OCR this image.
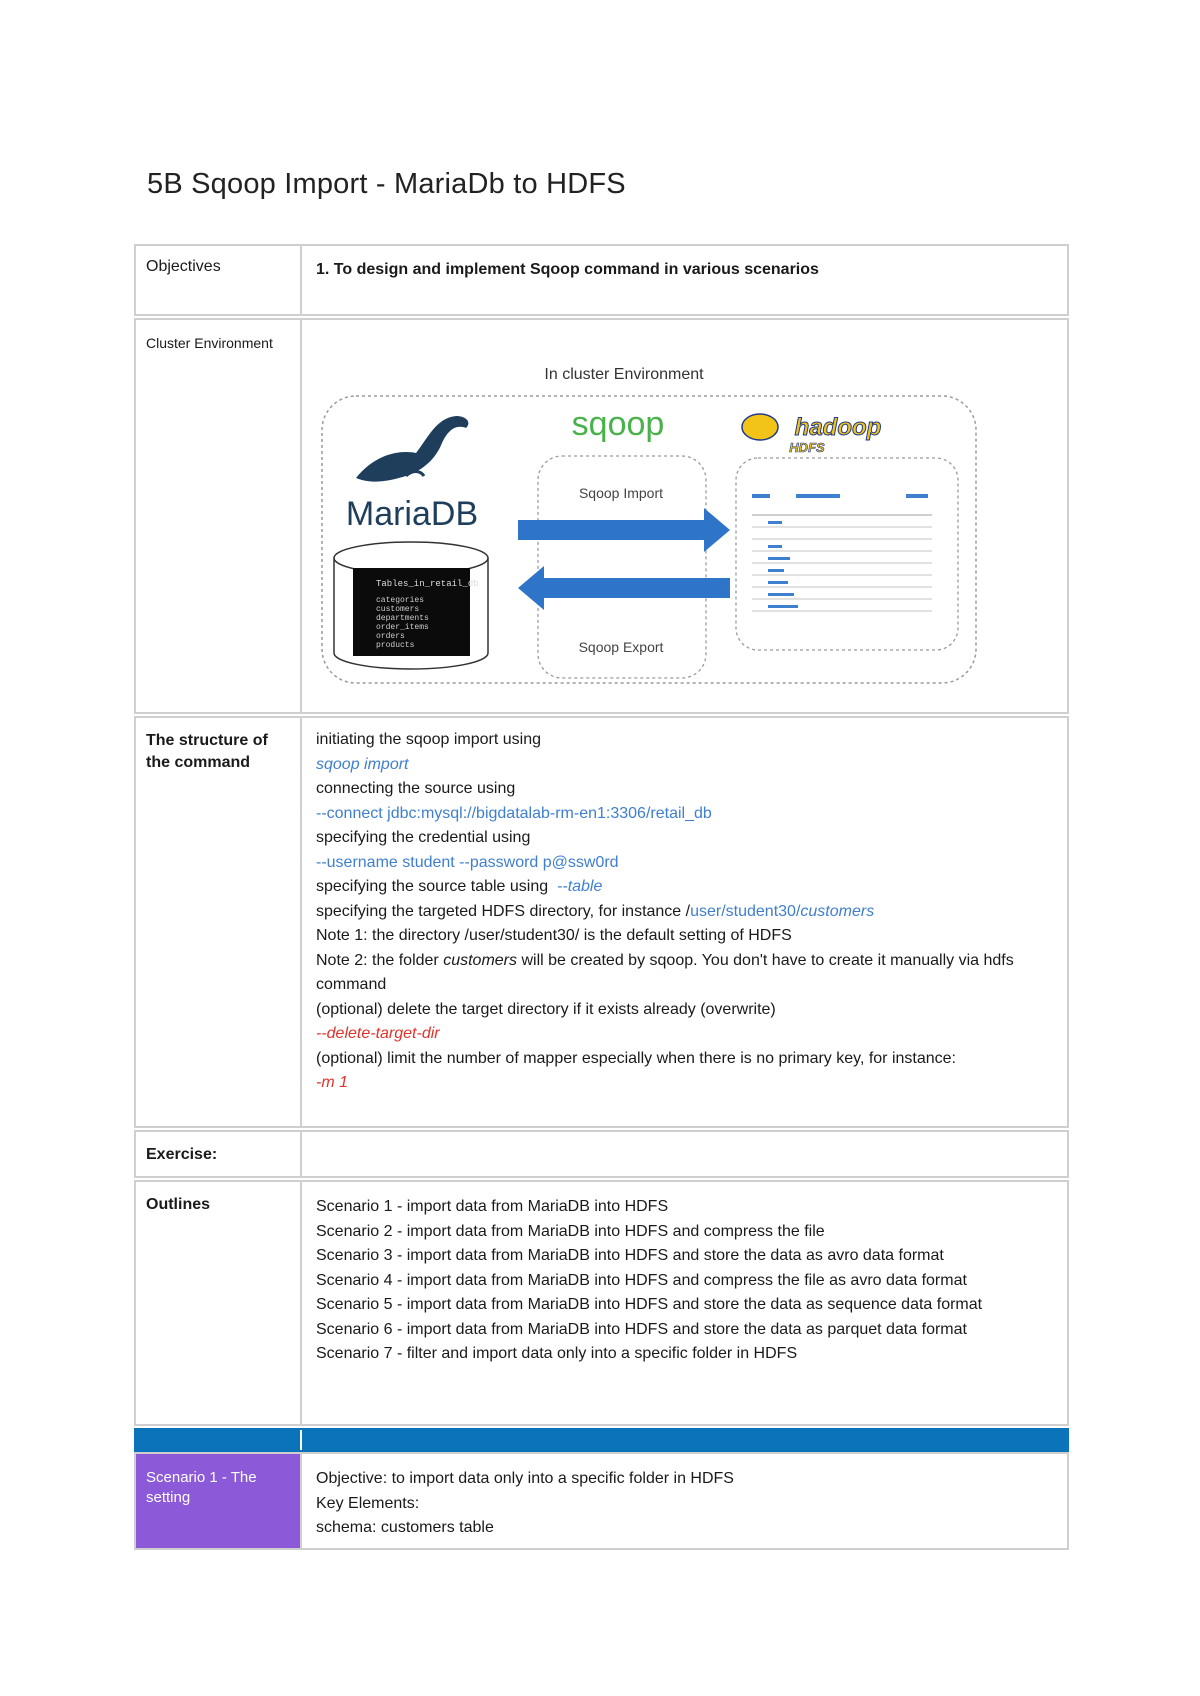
5B Sqoop Import - MariaDb to HDFS
Objectives	1. To design and implement Sqoop command in various scenarios
Cluster Environment
In cluster Environment
MariaDB
Tables_in_retail_db
categories
customers
departments
order_items
orders
products
sqoop
Sqoop Import
Sqoop Export
hadoop
HDFS
The structure of the command
initiating the sqoop import using
sqoop import
connecting the source using
--connect jdbc:mysql://bigdatalab-rm-en1:3306/retail_db
specifying the credential using
--username student --password p@ssw0rd
specifying the source table using --table
specifying the targeted HDFS directory, for instance /user/student30/customers
Note 1: the directory /user/student30/ is the default setting of HDFS
Note 2: the folder customers will be created by sqoop. You don't have to create it manually via hdfs command
(optional) delete the target directory if it exists already (overwrite)
--delete-target-dir
(optional) limit the number of mapper especially when there is no primary key, for instance:
-m 1
Exercise:
Outlines	Scenario 1 - import data from MariaDB into HDFS
Scenario 2 - import data from MariaDB into HDFS and compress the file
Scenario 3 - import data from MariaDB into HDFS and store the data as avro data format
Scenario 4 - import data from MariaDB into HDFS and compress the file as avro data format
Scenario 5 - import data from MariaDB into HDFS and store the data as sequence data format
Scenario 6 - import data from MariaDB into HDFS and store the data as parquet data format
Scenario 7 - filter and import data only into a specific folder in HDFS
Scenario 1 - The setting
Objective: to import data only into a specific folder in HDFS
Key Elements:
schema: customers table
